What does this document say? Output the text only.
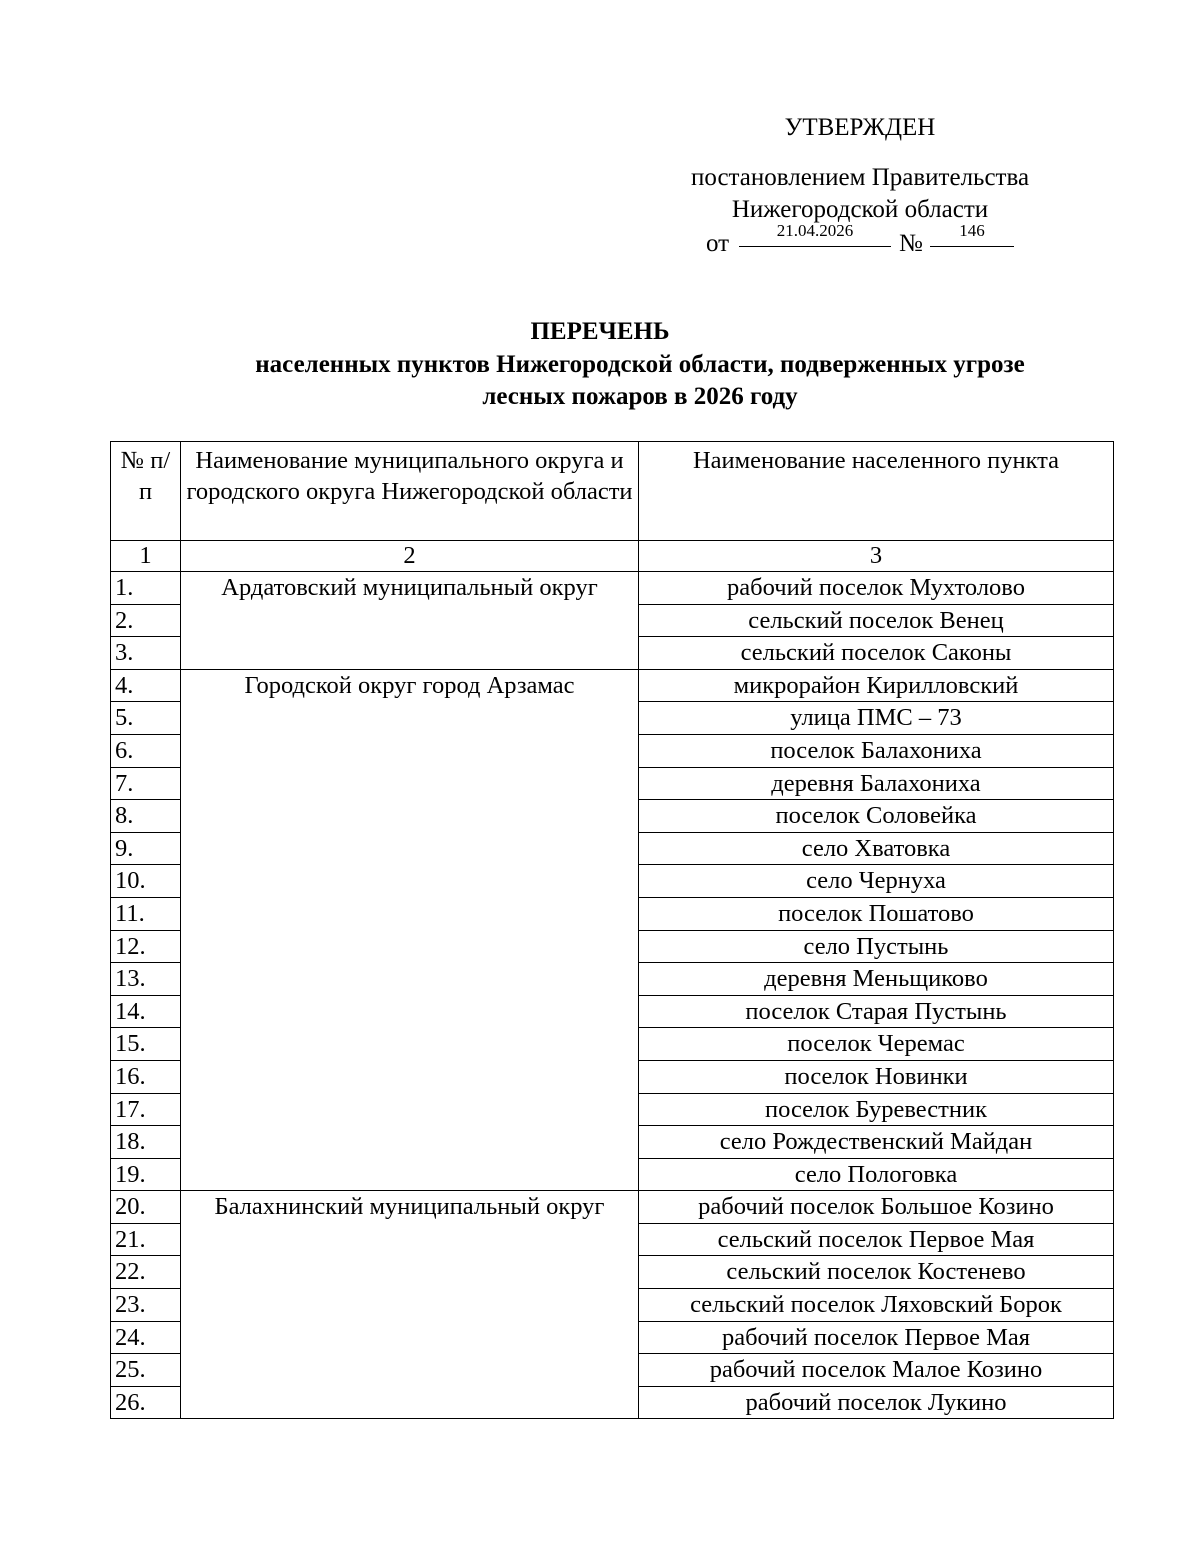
УТВЕРЖДЕН
постановлением Правительства
Нижегородской области
от	21.04.2026	№	146
ПЕРЕЧЕНЬ
населенных пунктов Нижегородской области, подверженных угрозе
лесных пожаров в 2026 году
№ п/п	Наименование муниципального округа и городского округа Нижегородской области	Наименование населенного пункта
1	2	3
1.	Ардатовский муниципальный округ	рабочий поселок Мухтолово
2.		сельский поселок Венец
3.		сельский поселок Саконы
4.	Городской округ город Арзамас	микрорайон Кирилловский
5.		улица ПМС – 73
6.		поселок Балахониха
7.		деревня Балахониха
8.		поселок Соловейка
9.		село Хватовка
10.		село Чернуха
11.		поселок Пошатово
12.		село Пустынь
13.		деревня Меньщиково
14.		поселок Старая Пустынь
15.		поселок Черемас
16.		поселок Новинки
17.		поселок Буревестник
18.		село Рождественский Майдан
19.		село Пологовка
20.	Балахнинский муниципальный округ	рабочий поселок Большое Козино
21.		сельский поселок Первое Мая
22.		сельский поселок Костенево
23.		сельский поселок Ляховский Борок
24.		рабочий поселок Первое Мая
25.		рабочий поселок Малое Козино
26.		рабочий поселок Лукино
